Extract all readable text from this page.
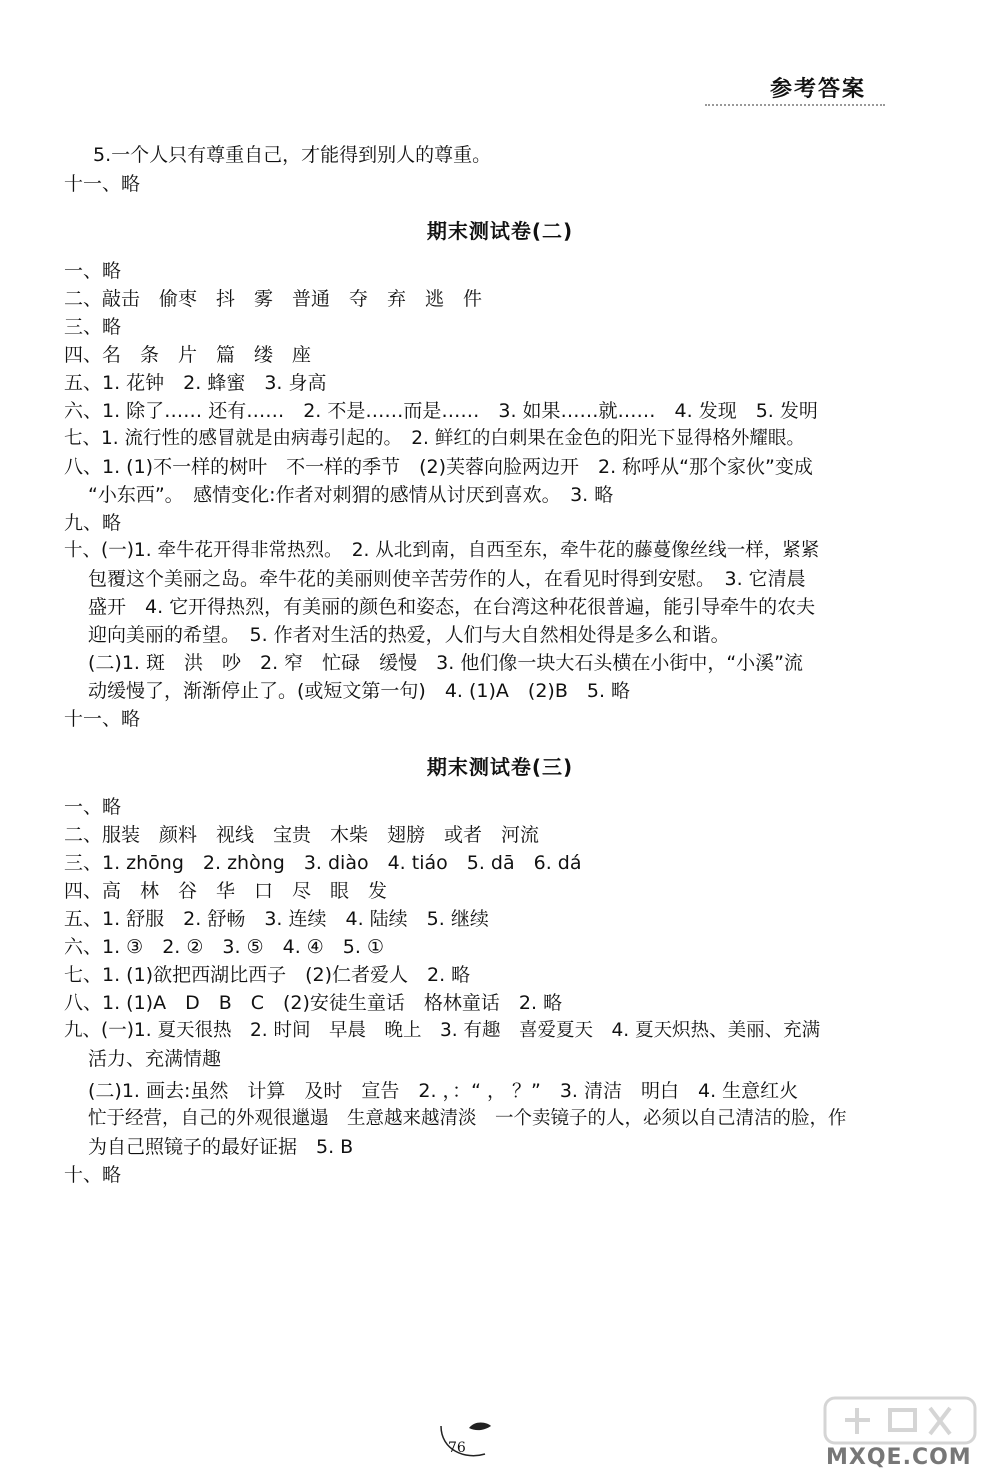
参考答案
5.一个人只有尊重自己，才能得到别人的尊重。
十一、略
期末测试卷(二)
一、略
二、敲击　偷枣　抖　雾　普通　夺　弃　逃　件
三、略
四、名　条　片　篇　缕　座
五、1. 花钟　2. 蜂蜜　3. 身高
六、1. 除了…… 还有……　2. 不是……而是……　3. 如果……就……　4. 发现　5. 发明
七、1. 流行性的感冒就是由病毒引起的。　2. 鲜红的白刺果在金色的阳光下显得格外耀眼。
八、1. (1)不一样的树叶　不一样的季节　(2)芙蓉向脸两边开　2. 称呼从“那个家伙”变成
“小东西”。　感情变化:作者对刺猬的感情从讨厌到喜欢。　3. 略
九、略
十、(一)1. 牵牛花开得非常热烈。　2. 从北到南，自西至东，牵牛花的藤蔓像丝线一样，紧紧
包覆这个美丽之岛。牵牛花的美丽则使辛苦劳作的人，在看见时得到安慰。　3. 它清晨
盛开　4. 它开得热烈，有美丽的颜色和姿态，在台湾这种花很普遍，能引导牵牛的农夫
迎向美丽的希望。　5. 作者对生活的热爱，人们与大自然相处得是多么和谐。
(二)1. 斑　洪　吵　2. 窄　忙碌　缓慢　3. 他们像一块大石头横在小街中，“小溪”流
动缓慢了，渐渐停止了。(或短文第一句)　4. (1)A　(2)B　5. 略
十一、略
期末测试卷(三)
一、略
二、服装　颜料　视线　宝贵　木柴　翅膀　或者　河流
三、1. zhōng　2. zhòng　3. diào　4. tiáo　5. dā　6. dá
四、高　林　谷　华　口　尽　眼　发
五、1. 舒服　2. 舒畅　3. 连续　4. 陆续　5. 继续
六、1. ③　2. ②　3. ⑤　4. ④　5. ①
七、1. (1)欲把西湖比西子　(2)仁者爱人　2. 略
八、1. (1)A　D　B　C　(2)安徒生童话　格林童话　2. 略
九、(一)1. 夏天很热　2. 时间　早晨　晚上　3. 有趣　喜爱夏天　4. 夏天炽热、美丽、充满
活力、充满情趣
(二)1. 画去:虽然　计算　及时　宣告　2. ，：“ ， ？”　3. 清洁　明白　4. 生意红火
忙于经营，自己的外观很邋遢　生意越来越清淡　一个卖镜子的人，必须以自己清洁的脸，作
为自己照镜子的最好证据　5. B
十、略
76	MXQE.COM
